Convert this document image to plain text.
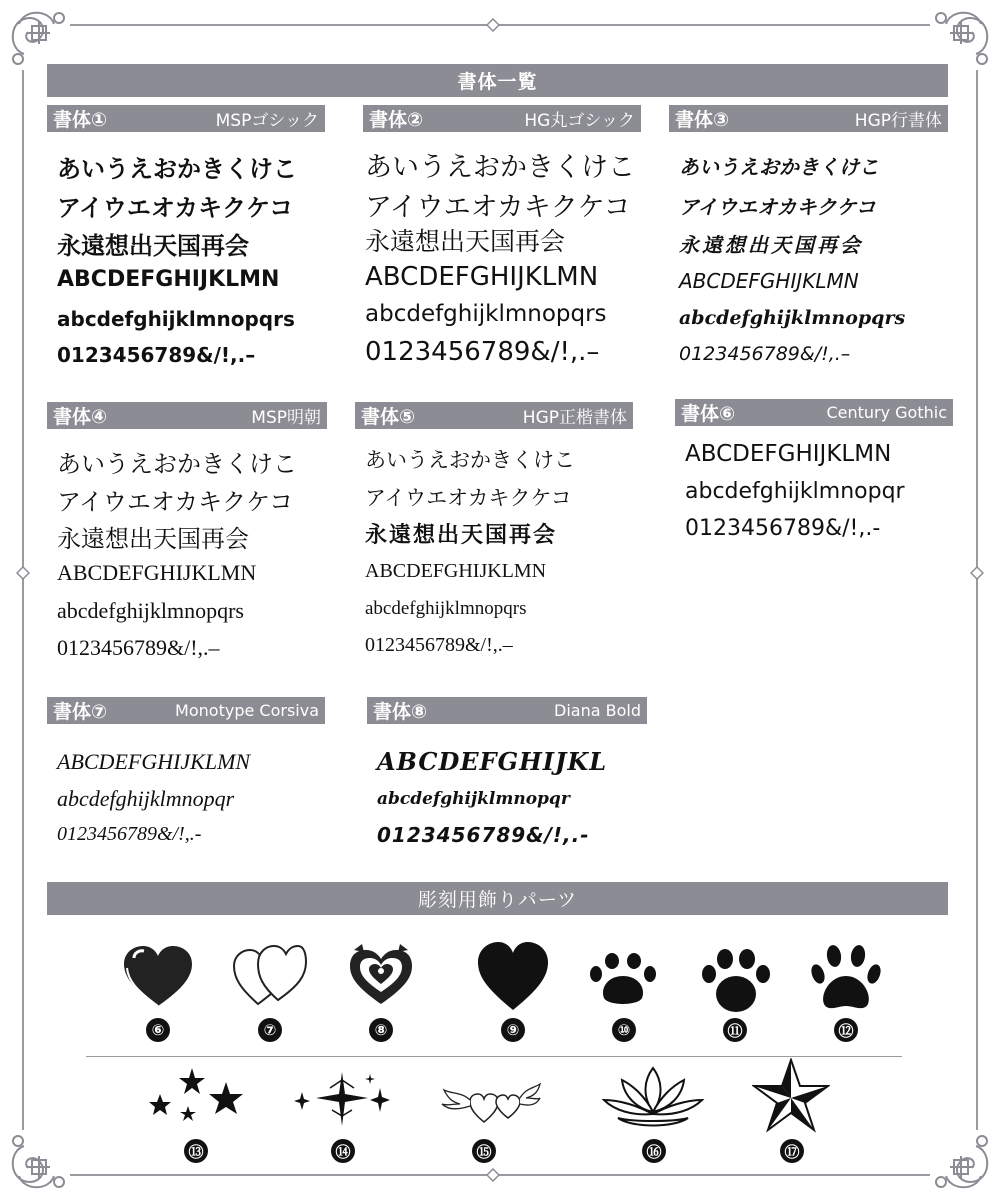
書体一覧
書体①	MSPゴシック
あいうえおかきくけこ
アイウエオカキクケコ
永遠想出天国再会
ABCDEFGHIJKLMN
abcdefghijklmnopqrs
0123456789&/!,.–
書体②	HG丸ゴシック
あいうえおかきくけこ
アイウエオカキクケコ
永遠想出天国再会
ABCDEFGHIJKLMN
abcdefghijklmnopqrs
0123456789&/!,.–
書体③	HGP行書体
あいうえおかきくけこ
アイウエオカキクケコ
永遠想出天国再会
ABCDEFGHIJKLMN
abcdefghijklmnopqrs
0123456789&/!,.–
書体④	MSP明朝
あいうえおかきくけこ
アイウエオカキクケコ
永遠想出天国再会
ABCDEFGHIJKLMN
abcdefghijklmnopqrs
0123456789&/!,.–
書体⑤	HGP正楷書体
あいうえおかきくけこ
アイウエオカキクケコ
永遠想出天国再会
ABCDEFGHIJKLMN
abcdefghijklmnopqrs
0123456789&/!,.–
書体⑥	Century Gothic
ABCDEFGHIJKLMN
abcdefghijklmnopqr
0123456789&/!,.-
書体⑦	Monotype Corsiva
ABCDEFGHIJKLMN
abcdefghijklmnopqr
0123456789&/!,.-
書体⑧	Diana Bold
ABCDEFGHIJKL
abcdefghijklmnopqr
0123456789&/!,.-
彫刻用飾りパーツ
⑥	⑦	⑧	⑨	⑩	⑪	⑫
⑬	⑭	⑮	⑯	⑰
